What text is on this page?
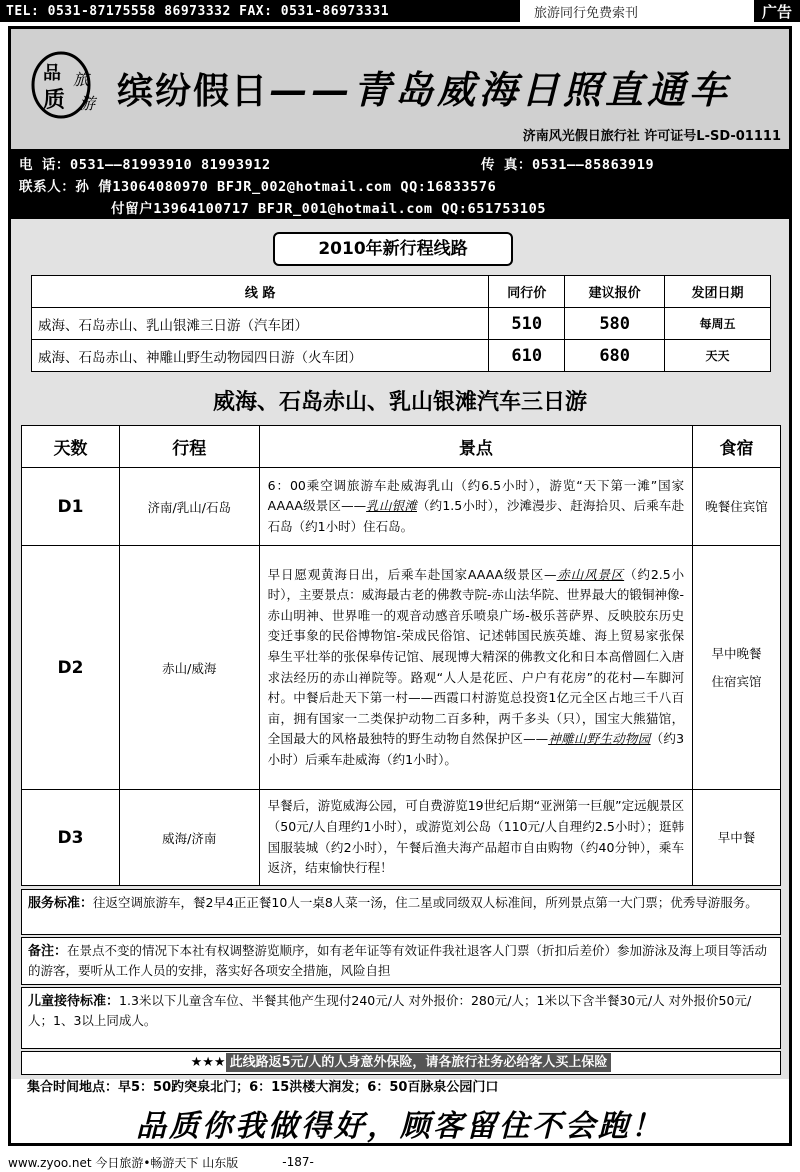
TEL: 0531-87175558 86973332 FAX: 0531-86973331	旅游同行免费索刊	广告
品
质
旅
游 缤纷假日——青岛威海日照直通车
济南风光假日旅行社 许可证号L-SD-01111
电 话：0531——81993910 81993912	传 真：0531——85863919
联系人：孙 倩13064080970 BFJR_002@hotmail.com QQ:16833576
付留户13964100717 BFJR_001@hotmail.com QQ:651753105
2010年新行程线路
线 路	同行价	建议报价	发团日期
威海、石岛赤山、乳山银滩三日游（汽车团）	510	580	每周五
威海、石岛赤山、神雕山野生动物园四日游（火车团）	610	680	天天
威海、石岛赤山、乳山银滩汽车三日游
天数	行程	景点	食宿
D1	济南/乳山/石岛	6：00乘空调旅游车赴威海乳山（约6.5小时），游览“天下第一滩”国家AAAA级景区——乳山银滩（约1.5小时），沙滩漫步、赶海拾贝、后乘车赴石岛（约1小时）住石岛。	晚餐住宾馆
D2	赤山/威海	早日愿观黄海日出，后乘车赴国家AAAA级景区—赤山风景区（约2.5小时），主要景点：威海最古老的佛教寺院-赤山法华院、世界最大的锻铜神像-赤山明神、世界唯一的观音动感音乐喷泉广场-极乐菩萨界、反映胶东历史变迁事象的民俗博物馆-荣成民俗馆、记述韩国民族英雄、海上贸易家张保皋生平壮举的张保皋传记馆、展现博大精深的佛教文化和日本高僧圆仁入唐求法经历的赤山禅院等。路观“人人是花匠、户户有花房”的花村—车脚河村。中餐后赴天下第一村——西霞口村游览总投资1亿元全区占地三千八百亩，拥有国家一二类保护动物二百多种，两千多头（只），国宝大熊猫馆，全国最大的风格最独特的野生动物自然保护区——神雕山野生动物园（约3小时）后乘车赴威海（约1小时）。	早中晚餐
住宿宾馆

D3	威海/济南	早餐后，游览威海公园，可自费游览19世纪后期“亚洲第一巨舰”定远舰景区（50元/人自理约1小时），或游览刘公岛（110元/人自理约2.5小时）；逛韩国服装城（约2小时），午餐后渔夫海产品超市自由购物（约40分钟），乘车返济，结束愉快行程！	早中餐
服务标准：往返空调旅游车，餐2早4正正餐10人一桌8人菜一汤，住二星或同级双人标准间，所列景点第一大门票；优秀导游服务。
备注：在景点不变的情况下本社有权调整游览顺序，如有老年证等有效证件我社退客人门票（折扣后差价）参加游泳及海上项目等活动的游客，要听从工作人员的安排，落实好各项安全措施，风险自担
儿童接待标准：1.3米以下儿童含车位、半餐其他产生现付240元/人 对外报价：280元/人；1米以下含半餐30元/人 对外报价50元/人；1、3以上同成人。
★★★ 此线路返5元/人的人身意外保险，请各旅行社务必给客人买上保险
集合时间地点：早5：50趵突泉北门；6：15洪楼大润发；6：50百脉泉公园门口
品质你我做得好，顾客留住不会跑！
www.zyoo.net 今日旅游•畅游天下 山东版	-187-
